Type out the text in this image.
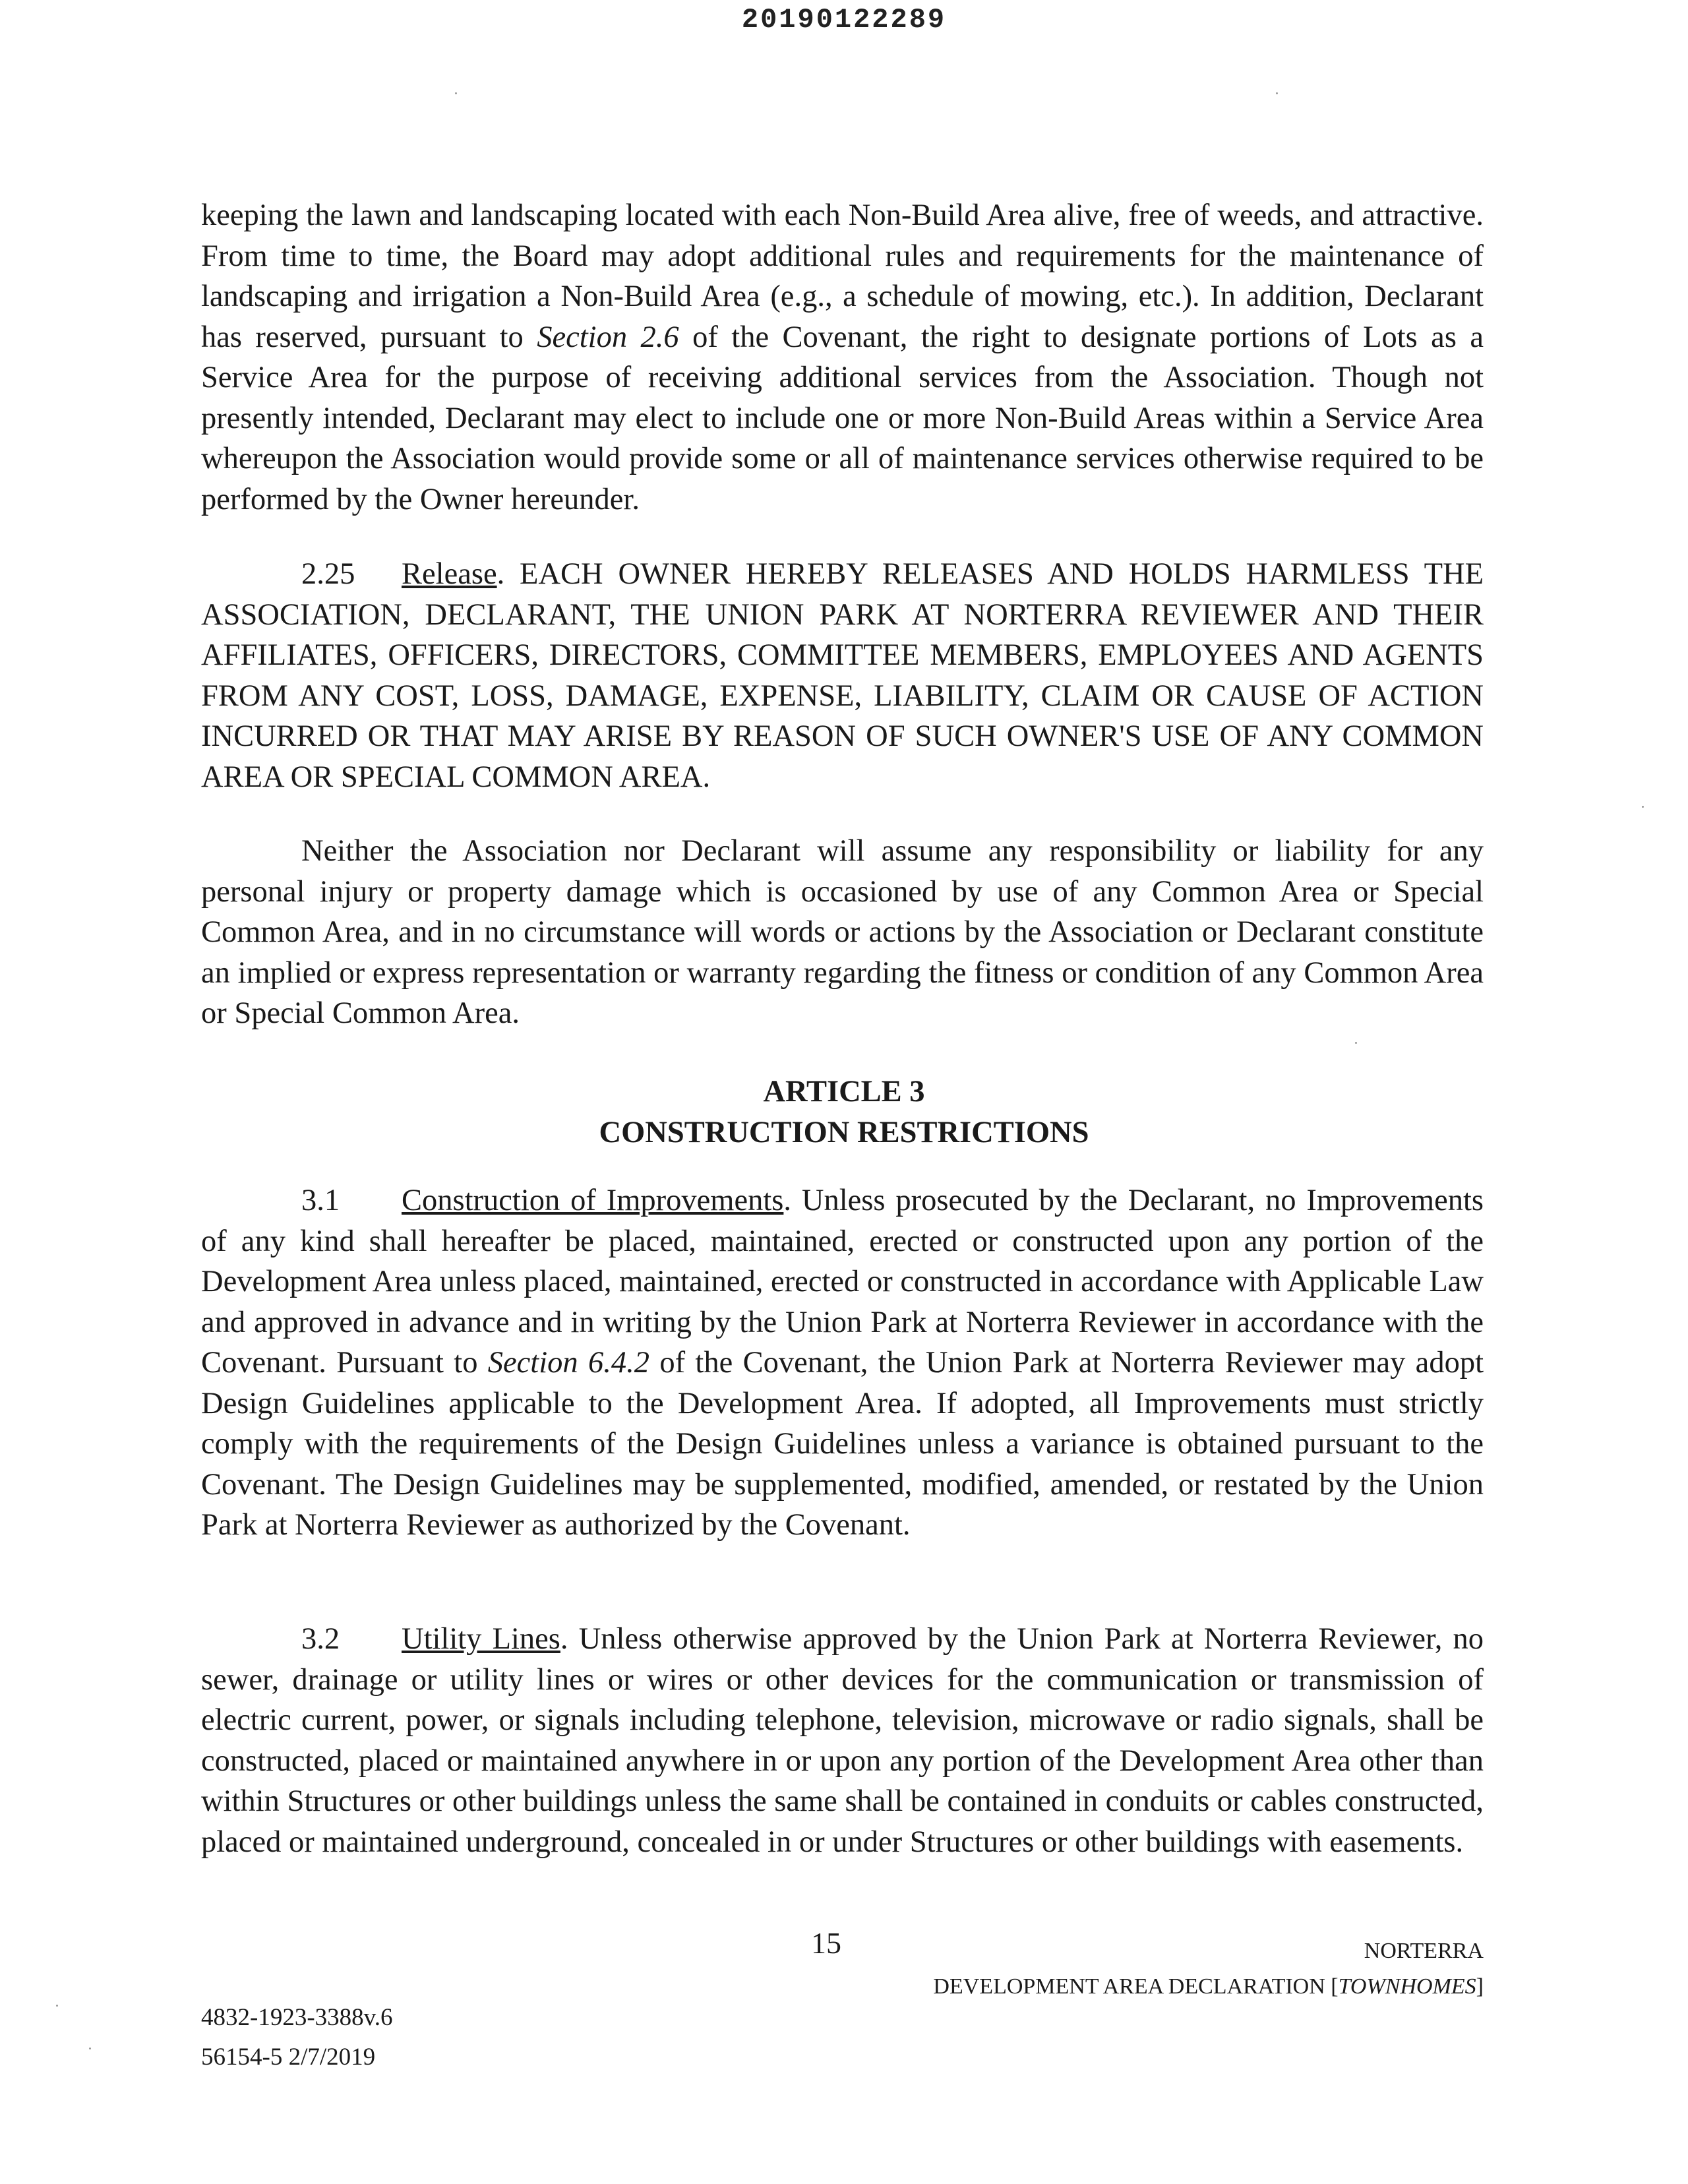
20190122289

keeping the lawn and landscaping located with each Non-Build Area alive, free of weeds, and attractive. From time to time, the Board may adopt additional rules and requirements for the maintenance of landscaping and irrigation a Non-Build Area (e.g., a schedule of mowing, etc.). In addition, Declarant has reserved, pursuant to Section 2.6 of the Covenant, the right to designate portions of Lots as a Service Area for the purpose of receiving additional services from the Association. Though not presently intended, Declarant may elect to include one or more Non-Build Areas within a Service Area whereupon the Association would provide some or all of maintenance services otherwise required to be performed by the Owner hereunder.

2.25 Release. EACH OWNER HEREBY RELEASES AND HOLDS HARMLESS THE ASSOCIATION, DECLARANT, THE UNION PARK AT NORTERRA REVIEWER AND THEIR AFFILIATES, OFFICERS, DIRECTORS, COMMITTEE MEMBERS, EMPLOYEES AND AGENTS FROM ANY COST, LOSS, DAMAGE, EXPENSE, LIABILITY, CLAIM OR CAUSE OF ACTION INCURRED OR THAT MAY ARISE BY REASON OF SUCH OWNER'S USE OF ANY COMMON AREA OR SPECIAL COMMON AREA.

Neither the Association nor Declarant will assume any responsibility or liability for any personal injury or property damage which is occasioned by use of any Common Area or Special Common Area, and in no circumstance will words or actions by the Association or Declarant constitute an implied or express representation or warranty regarding the fitness or condition of any Common Area or Special Common Area.

ARTICLE 3
CONSTRUCTION RESTRICTIONS

3.1 Construction of Improvements. Unless prosecuted by the Declarant, no Improvements of any kind shall hereafter be placed, maintained, erected or constructed upon any portion of the Development Area unless placed, maintained, erected or constructed in accordance with Applicable Law and approved in advance and in writing by the Union Park at Norterra Reviewer in accordance with the Covenant. Pursuant to Section 6.4.2 of the Covenant, the Union Park at Norterra Reviewer may adopt Design Guidelines applicable to the Development Area. If adopted, all Improvements must strictly comply with the requirements of the Design Guidelines unless a variance is obtained pursuant to the Covenant. The Design Guidelines may be supplemented, modified, amended, or restated by the Union Park at Norterra Reviewer as authorized by the Covenant.

3.2 Utility Lines. Unless otherwise approved by the Union Park at Norterra Reviewer, no sewer, drainage or utility lines or wires or other devices for the communication or transmission of electric current, power, or signals including telephone, television, microwave or radio signals, shall be constructed, placed or maintained anywhere in or upon any portion of the Development Area other than within Structures or other buildings unless the same shall be contained in conduits or cables constructed, placed or maintained underground, concealed in or under Structures or other buildings with easements.

15	NORTERRA
DEVELOPMENT AREA DECLARATION [TOWNHOMES]
4832-1923-3388v.6
56154-5 2/7/2019
